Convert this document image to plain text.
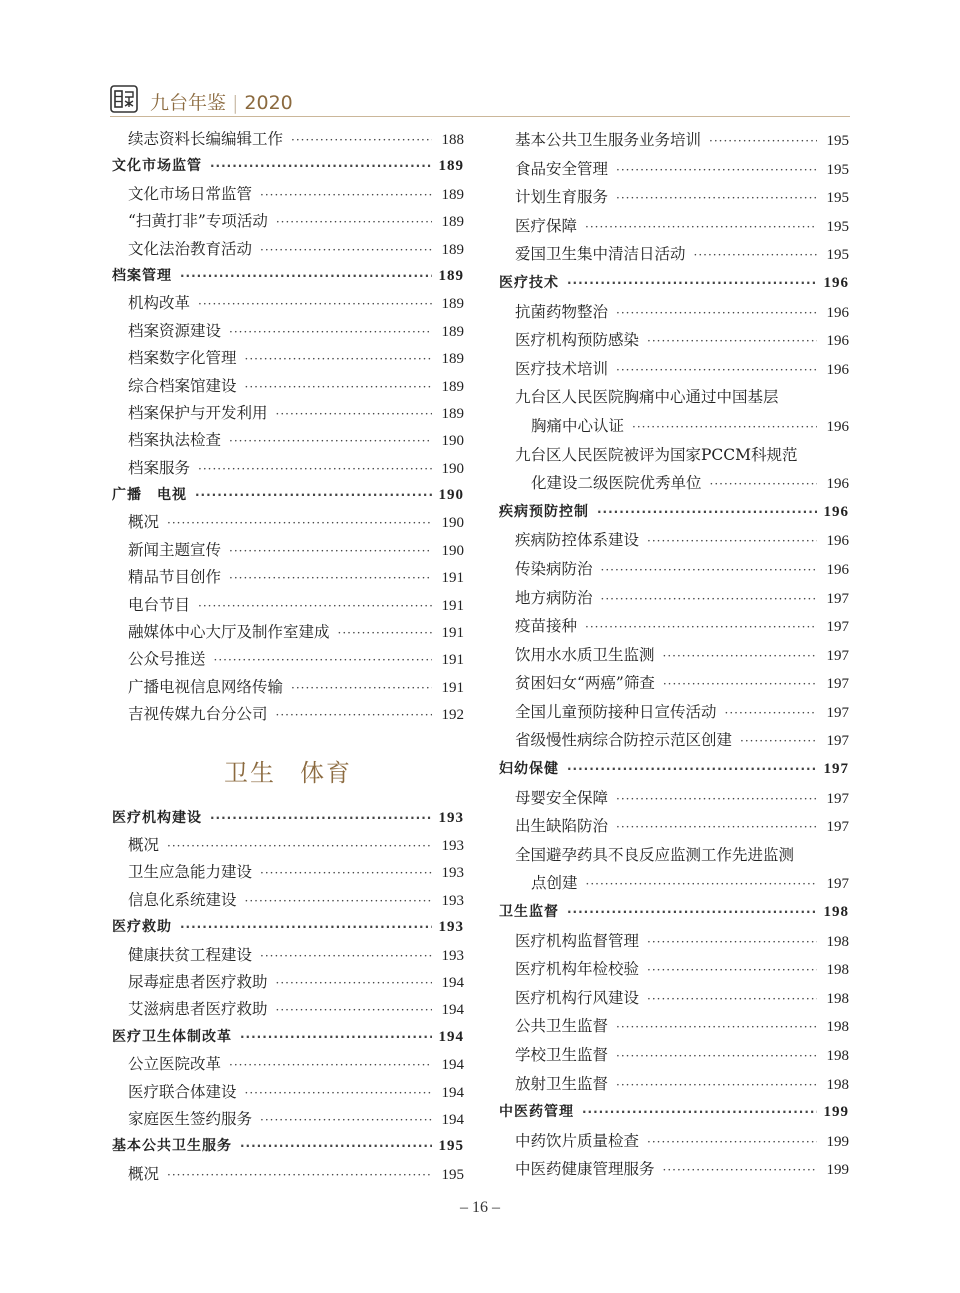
九台年鉴 | 2020
续志资料长编编辑工作 ·····	188
文化市场监管 ·····	189
文化市场日常监管 ·····	189
“扫黄打非”专项活动 ·····	189
文化法治教育活动 ·····	189
档案管理 ·····	189
机构改革 ·····	189
档案资源建设 ·····	189
档案数字化管理 ·····	189
综合档案馆建设 ·····	189
档案保护与开发利用 ·····	189
档案执法检查 ·····	190
档案服务 ·····	190
广播　电视 ·····	190
概况 ·····	190
新闻主题宣传 ·····	190
精品节目创作 ·····	191
电台节目 ·····	191
融媒体中心大厅及制作室建成 ·····	191
公众号推送 ·····	191
广播电视信息网络传输 ·····	191
吉视传媒九台分公司 ·····	192
卫生 体育
医疗机构建设 ·····	193
概况 ·····	193
卫生应急能力建设 ·····	193
信息化系统建设 ·····	193
医疗救助 ·····	193
健康扶贫工程建设 ·····	193
尿毒症患者医疗救助 ·····	194
艾滋病患者医疗救助 ·····	194
医疗卫生体制改革 ·····	194
公立医院改革 ·····	194
医疗联合体建设 ·····	194
家庭医生签约服务 ·····	194
基本公共卫生服务 ·····	195
概况 ·····	195
基本公共卫生服务业务培训 ·····	195
食品安全管理 ·····	195
计划生育服务 ·····	195
医疗保障 ·····	195
爱国卫生集中清洁日活动 ·····	195
医疗技术 ·····	196
抗菌药物整治 ·····	196
医疗机构预防感染 ·····	196
医疗技术培训 ·····	196
九台区人民医院胸痛中心通过中国基层
胸痛中心认证 ·····	196
九台区人民医院被评为国家PCCM科规范
化建设二级医院优秀单位 ·····	196
疾病预防控制 ·····	196
疾病防控体系建设 ·····	196
传染病防治 ·····	196
地方病防治 ·····	197
疫苗接种 ·····	197
饮用水水质卫生监测 ·····	197
贫困妇女“两癌”筛查 ·····	197
全国儿童预防接种日宣传活动 ·····	197
省级慢性病综合防控示范区创建 ·····	197
妇幼保健 ·····	197
母婴安全保障 ·····	197
出生缺陷防治 ·····	197
全国避孕药具不良反应监测工作先进监测
点创建 ·····	197
卫生监督 ·····	198
医疗机构监督管理 ·····	198
医疗机构年检校验 ·····	198
医疗机构行风建设 ·····	198
公共卫生监督 ·····	198
学校卫生监督 ·····	198
放射卫生监督 ·····	198
中医药管理 ·····	199
中药饮片质量检查 ·····	199
中医药健康管理服务 ·····	199
– 16 –
